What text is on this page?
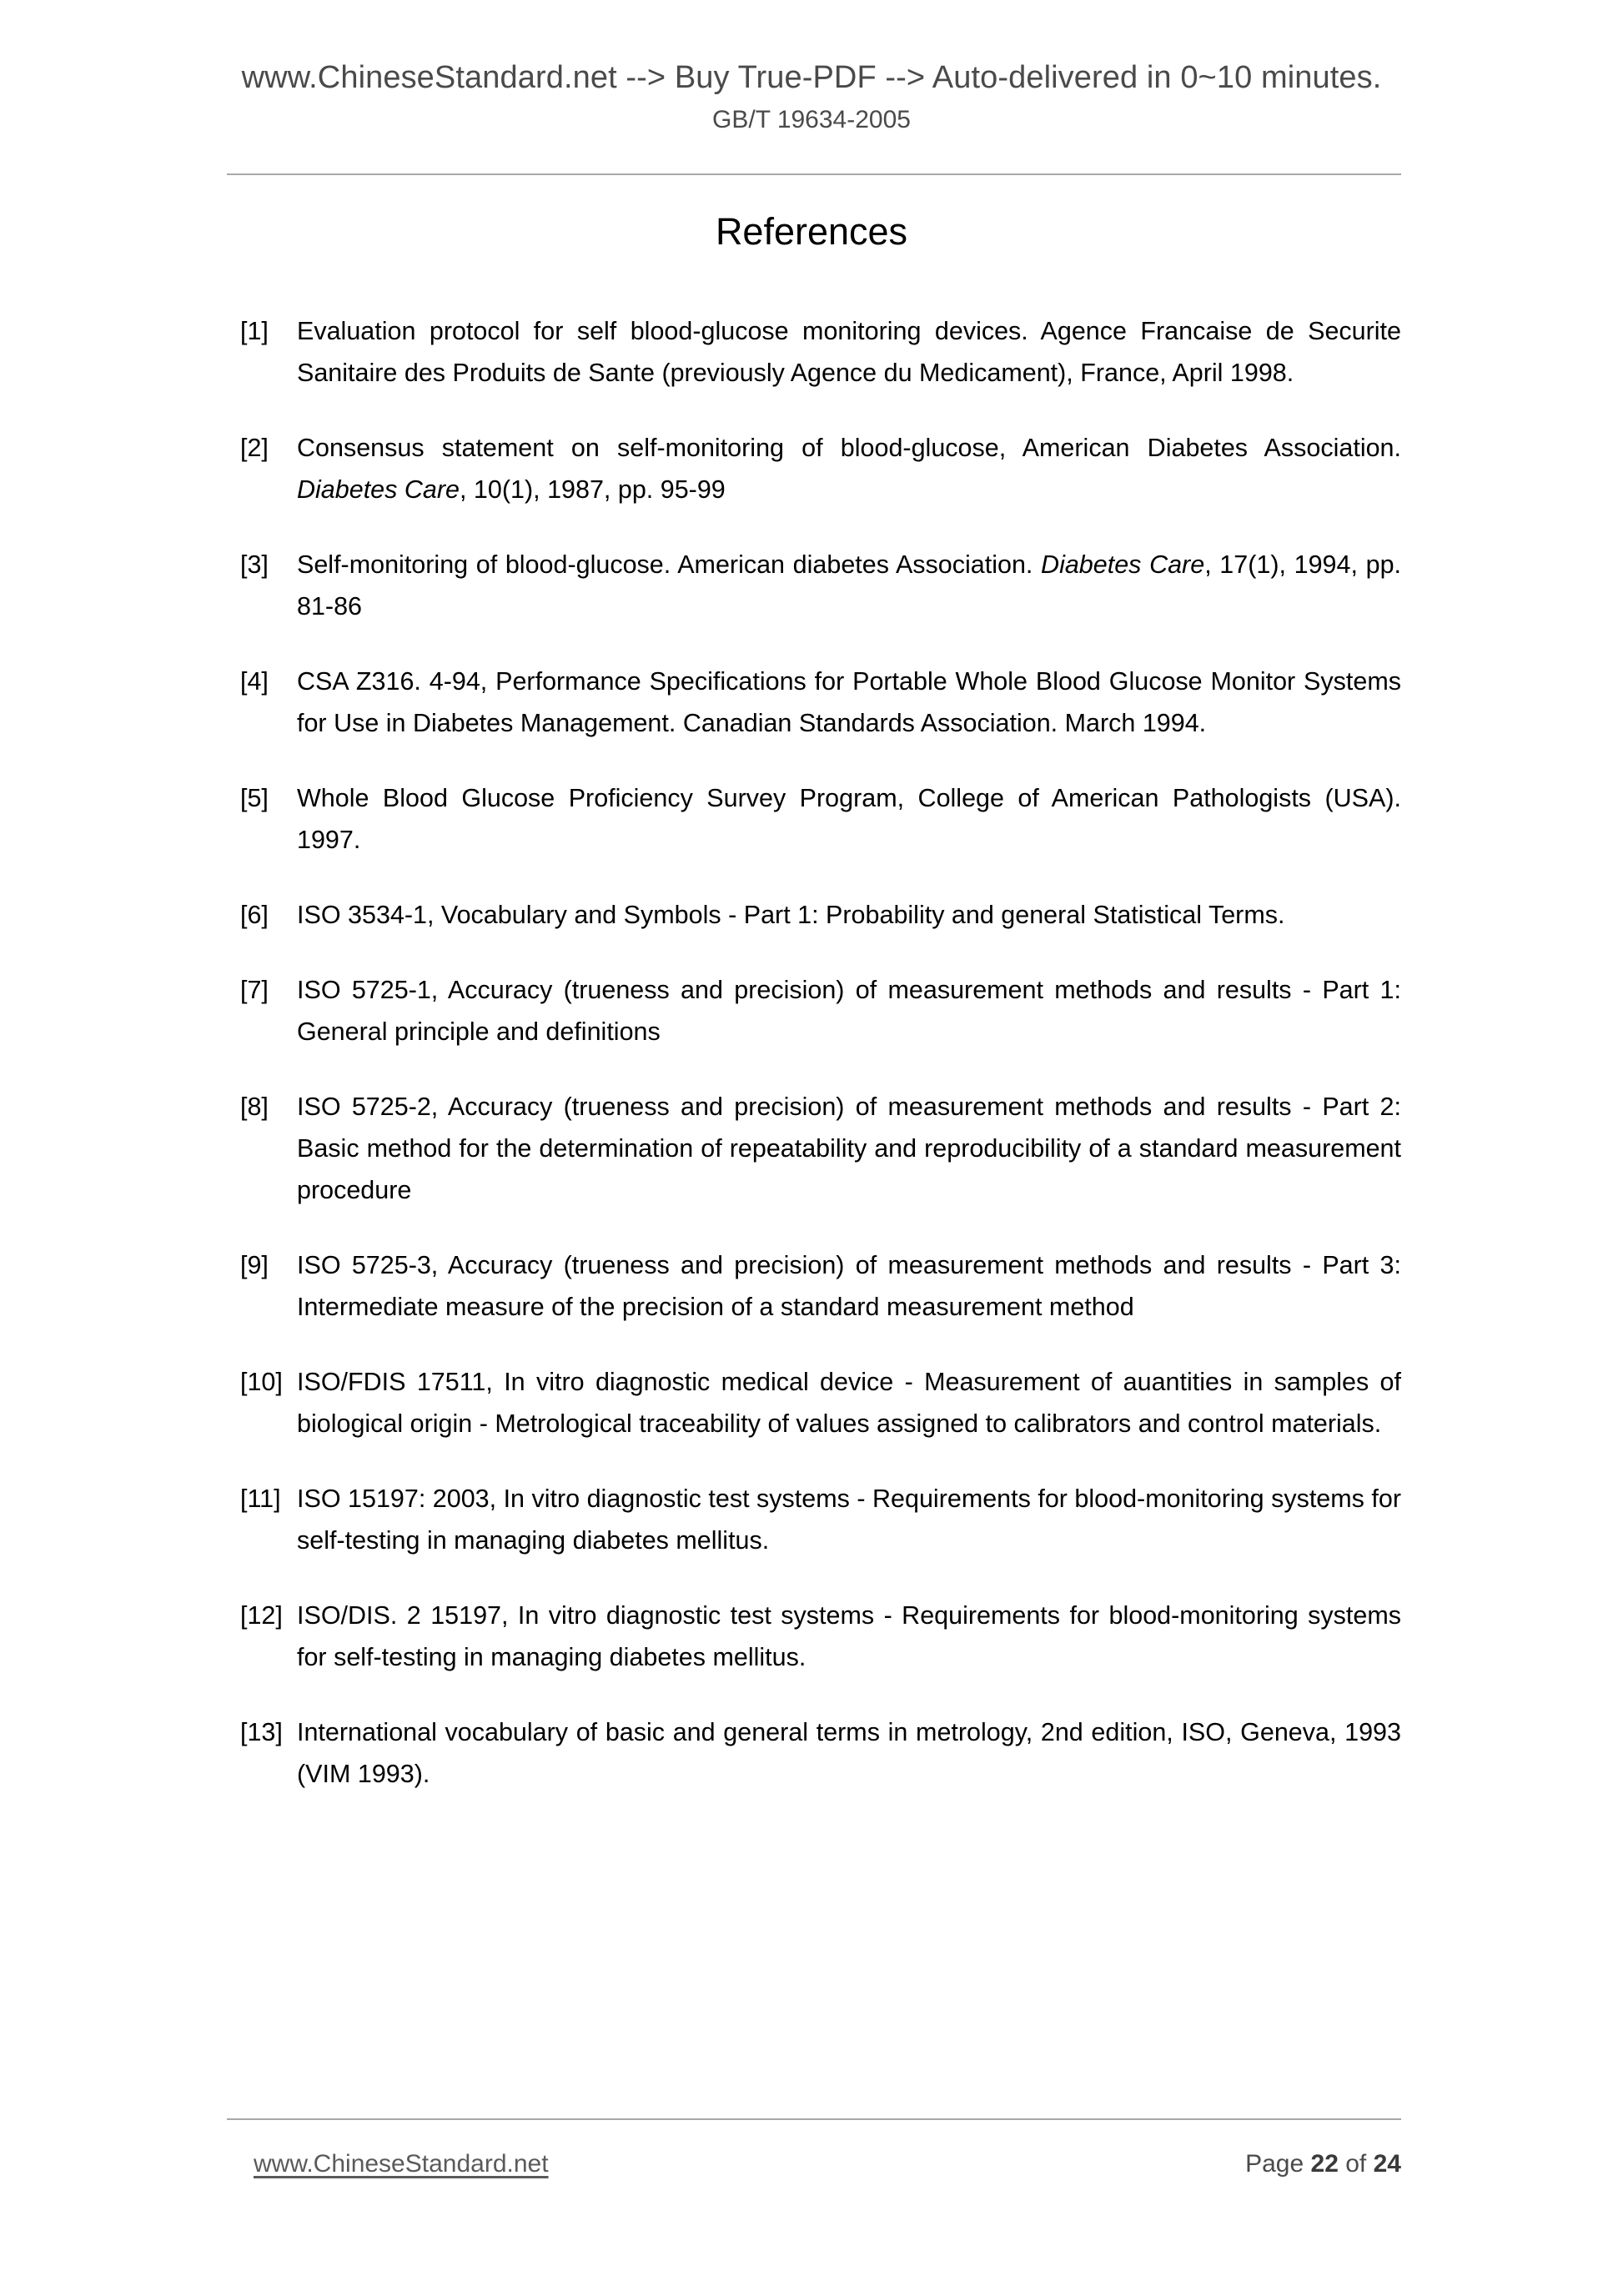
www.ChineseStandard.net --> Buy True-PDF --> Auto-delivered in 0~10 minutes.
GB/T 19634-2005
References
[1]	Evaluation protocol for self blood-glucose monitoring devices. Agence Francaise de Securite Sanitaire des Produits de Sante (previously Agence du Medicament), France, April 1998.
[2]	Consensus statement on self-monitoring of blood-glucose, American Diabetes Association. Diabetes Care, 10(1), 1987, pp. 95-99
[3]	Self-monitoring of blood-glucose. American diabetes Association. Diabetes Care, 17(1), 1994, pp. 81-86
[4]	CSA Z316. 4-94, Performance Specifications for Portable Whole Blood Glucose Monitor Systems for Use in Diabetes Management. Canadian Standards Association. March 1994.
[5]	Whole Blood Glucose Proficiency Survey Program, College of American Pathologists (USA). 1997.
[6]	ISO 3534-1, Vocabulary and Symbols - Part 1: Probability and general Statistical Terms.
[7]	ISO 5725-1, Accuracy (trueness and precision) of measurement methods and results - Part 1: General principle and definitions
[8]	ISO 5725-2, Accuracy (trueness and precision) of measurement methods and results - Part 2: Basic method for the determination of repeatability and reproducibility of a standard measurement procedure
[9]	ISO 5725-3, Accuracy (trueness and precision) of measurement methods and results - Part 3: Intermediate measure of the precision of a standard measurement method
[10] ISO/FDIS 17511, In vitro diagnostic medical device - Measurement of auantities in samples of biological origin - Metrological traceability of values assigned to calibrators and control materials.
[11] ISO 15197: 2003, In vitro diagnostic test systems - Requirements for blood-monitoring systems for self-testing in managing diabetes mellitus.
[12] ISO/DIS. 2 15197, In vitro diagnostic test systems - Requirements for blood-monitoring systems for self-testing in managing diabetes mellitus.
[13] International vocabulary of basic and general terms in metrology, 2nd edition, ISO, Geneva, 1993 (VIM 1993).
www.ChineseStandard.net	Page 22 of 24
